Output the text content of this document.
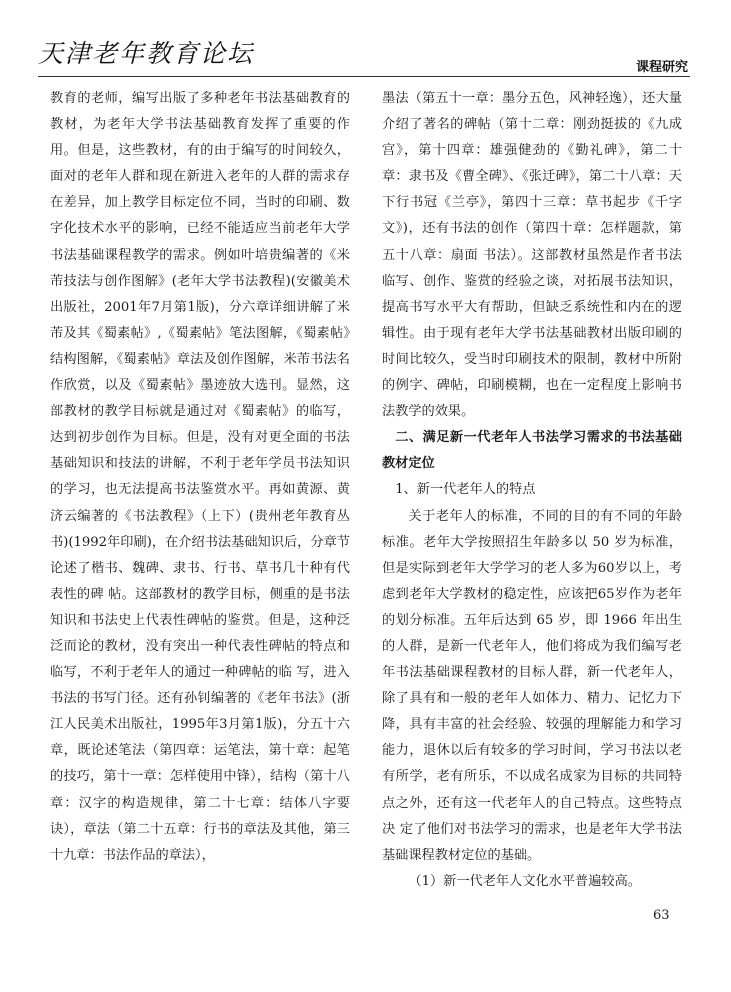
天津老年教育论坛	课程研究

教育的老师，编写出版了多种老年书法基础教育的教材，为老年大学书法基础教育发挥了重要的作用。但是，这些教材，有的由于编写的时间较久，面对的老年人群和现在新进入老年的人群的需求存在差异，加上教学目标定位不同，当时的印刷、数字化技术水平的影响，已经不能适应当前老年大学书法基础课程教学的需求。例如叶培贵编著的《米芾技法与创作图解》(老年大学书法教程)(安徽美术出版社，2001年7月第1版)，分六章详细讲解了米芾及其《蜀素帖》,《蜀素帖》笔法图解，《蜀素帖》结构图解，《蜀素帖》章法及创作图解，米芾书法名作欣赏，以及《蜀素帖》墨迹放大选刊。显然，这部教材的教学目标就是通过对《蜀素帖》的临写，达到初步创作为目标。但是，没有对更全面的书法基础知识和技法的讲解，不利于老年学员书法知识的学习，也无法提高书法鉴赏水平。再如黄源、黄济云编著的《书法教程》（上下）(贵州老年教育丛书)(1992年印刷)，在介绍书法基础知识后，分章节论述了楷书、魏碑、隶书、行书、草书几十种有代表性的碑 帖。这部教材的教学目标，侧重的是书法知识和书法史上代表性碑帖的鉴赏。但是，这种泛泛而论的教材，没有突出一种代表性碑帖的特点和临写，不利于老年人的通过一种碑帖的临 写，进入书法的书写门径。还有孙钊编著的《老年书法》(浙江人民美术出版社，1995年3月第1版)，分五十六章，既论述笔法（第四章：运笔法，第十章：起笔的技巧，第十一章：怎样使用中锋），结构（第十八章：汉字的构造规律，第二十七章：结体八字要诀），章法（第二十五章：行书的章法及其他，第三十九章：书法作品的章法），

墨法（第五十一章：墨分五色，风神轻逸），还大量介绍了著名的碑帖（第十二章：刚劲挺拔的《九成宫》，第十四章：雄强健劲的《勤礼碑》，第二十章：隶书及《曹全碑》、《张迁碑》，第二十八章：天下行书冠《兰亭》，第四十三章：草书起步《千字文》)，还有书法的创作（第四十章：怎样题款，第五十八章：扇面 书法）。这部教材虽然是作者书法临写、创作、鉴赏的经验之谈，对拓展书法知识，提高书写水平大有帮助，但缺乏系统性和内在的逻辑性。由于现有老年大学书法基础教材出版印刷的时间比较久，受当时印刷技术的限制，教材中所附的例字、碑帖，印刷模糊，也在一定程度上影响书法教学的效果。

二、满足新一代老年人书法学习需求的书法基础教材定位

1、新一代老年人的特点

关于老年人的标准，不同的目的有不同的年龄标准。老年大学按照招生年龄多以 50 岁为标准，但是实际到老年大学学习的老人多为60岁以上，考虑到老年大学教材的稳定性，应该把65岁作为老年的划分标准。五年后达到 65 岁，即 1966 年出生的人群，是新一代老年人，他们将成为我们编写老年书法基础课程教材的目标人群，新一代老年人，除了具有和一般的老年人如体力、精力、记忆力下降，具有丰富的社会经验、较强的理解能力和学习能力，退休以后有较多的学习时间，学习书法以老有所学，老有所乐，不以成名成家为目标的共同特点之外，还有这一代老年人的自己特点。这些特点决 定了他们对书法学习的需求，也是老年大学书法基础课程教材定位的基础。

（1）新一代老年人文化水平普遍较高。

63
